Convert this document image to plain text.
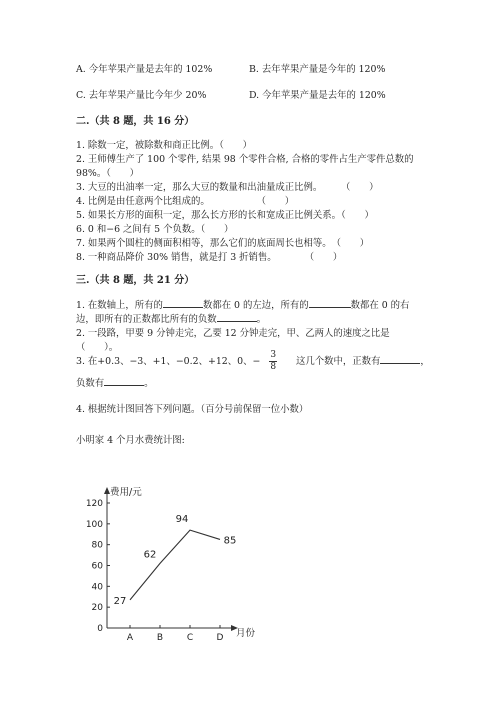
A. 今年苹果产量是去年的 102%	B. 去年苹果产量是今年的 120%
C. 去年苹果产量比今年少 20%	D. 今年苹果产量是去年的 120%
二.（共 8 题，共 16 分）
1. 除数一定，被除数和商正比例。（　　）
2. 王师傅生产了 100 个零件, 结果 98 个零件合格, 合格的零件占生产零件总数的
98%。（　　）
3. 大豆的出油率一定，那么大豆的数量和出油量成正比例。　　　（　　）
4. 比例是由任意两个比组成的。　　　　　　（　　）
5. 如果长方形的面积一定，那么长方形的长和宽成正比例关系。（　　）
6. 0 和−6 之间有 5 个负数。（　　）
7. 如果两个圆柱的侧面积相等，那么它们的底面周长也相等。　（　　）
8. 一种商品降价 30% 销售，就是打 3 折销售。　　　　（　　）
三.（共 8 题，共 21 分）
1. 在数轴上，所有的	数都在 0 的左边，所有的	数都在 0 的右
边，即所有的正数都比所有的负数	。
2. 一段路，甲要 9 分钟走完，乙要 12 分钟走完，甲、乙两人的速度之比是
（　　）。
3. 在+0.3、−3、+1、−0.2、+12、0、− $\frac{3}{8}$ 这几个数中，正数有	，
负数有	。
4. 根据统计图回答下列问题。（百分号前保留一位小数）
小明家 4 个月水费统计图:
费用/元
月份
0
20
40
60
80
100
120
A	B	C	D
27
62
94
85
